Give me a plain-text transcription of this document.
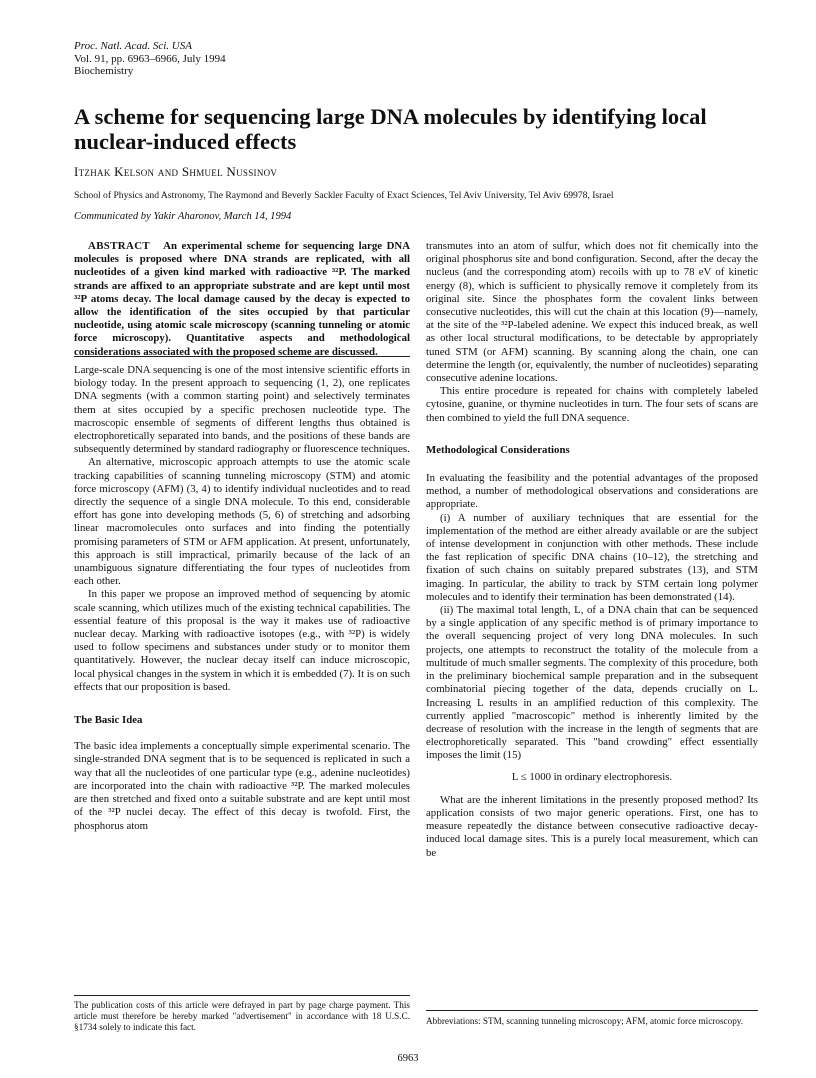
Proc. Natl. Acad. Sci. USA
Vol. 91, pp. 6963–6966, July 1994
Biochemistry
A scheme for sequencing large DNA molecules by identifying local nuclear-induced effects
Itzhak Kelson and Shmuel Nussinov
School of Physics and Astronomy, The Raymond and Beverly Sackler Faculty of Exact Sciences, Tel Aviv University, Tel Aviv 69978, Israel
Communicated by Yakir Aharonov, March 14, 1994

ABSTRACT An experimental scheme for sequencing large DNA molecules is proposed where DNA strands are replicated, with all nucleotides of a given kind marked with radioactive ³²P. The marked strands are affixed to an appropriate substrate and are kept until most ³²P atoms decay. The local damage caused by the decay is expected to allow the identification of the sites occupied by that particular nucleotide, using atomic scale microscopy (scanning tunneling or atomic force microscopy). Quantitative aspects and methodological considerations associated with the proposed scheme are discussed.

Large-scale DNA sequencing is one of the most intensive scientific efforts in biology today. In the present approach to sequencing (1, 2), one replicates DNA segments (with a common starting point) and selectively terminates them at sites occupied by a specific prechosen nucleotide type. The macroscopic ensemble of segments of different lengths thus obtained is electrophoretically separated into bands, and the positions of these bands are subsequently determined by standard radiography or fluorescence techniques.

An alternative, microscopic approach attempts to use the atomic scale tracking capabilities of scanning tunneling microscopy (STM) and atomic force microscopy (AFM) (3, 4) to identify individual nucleotides and to read directly the sequence of a single DNA molecule. To this end, considerable effort has gone into developing methods (5, 6) of stretching and adsorbing linear macromolecules onto surfaces and into finding the potentially promising parameters of STM or AFM application. At present, unfortunately, this approach is still impractical, primarily because of the lack of an unambiguous signature differentiating the four types of nucleotides from each other.

In this paper we propose an improved method of sequencing by atomic scale scanning, which utilizes much of the existing technical capabilities. The essential feature of this proposal is the way it makes use of radioactive nuclear decay. Marking with radioactive isotopes (e.g., with ³²P) is widely used to follow specimens and substances under study or to monitor them quantitatively. However, the nuclear decay itself can induce microscopic, local physical changes in the system in which it is embedded (7). It is on such effects that our proposition is based.

The Basic Idea

The basic idea implements a conceptually simple experimental scenario. The single-stranded DNA segment that is to be sequenced is replicated in such a way that all the nucleotides of one particular type (e.g., adenine nucleotides) are incorporated into the chain with radioactive ³²P. The marked molecules are then stretched and fixed onto a suitable substrate and are kept until most of the ³²P nuclei decay. The effect of this decay is twofold. First, the phosphorus atom

transmutes into an atom of sulfur, which does not fit chemically into the original phosphorus site and bond configuration. Second, after the decay the nucleus (and the corresponding atom) recoils with up to 78 eV of kinetic energy (8), which is sufficient to physically remove it completely from its original site. Since the phosphates form the covalent links between consecutive nucleotides, this will cut the chain at this location (9)—namely, at the site of the ³²P-labeled adenine. We expect this induced break, as well as other local structural modifications, to be detectable by appropriately tuned STM (or AFM) scanning. By scanning along the chain, one can determine the length (or, equivalently, the number of nucleotides) separating consecutive adenine locations.

This entire procedure is repeated for chains with completely labeled cytosine, guanine, or thymine nucleotides in turn. The four sets of scans are then combined to yield the full DNA sequence.

Methodological Considerations

In evaluating the feasibility and the potential advantages of the proposed method, a number of methodological observations and considerations are appropriate.

(i) A number of auxiliary techniques that are essential for the implementation of the method are either already available or are the subject of intense development in conjunction with other methods. These include the fast replication of specific DNA chains (10–12), the stretching and fixation of such chains on suitably prepared substrates (13), and STM imaging. In particular, the ability to track by STM certain long polymer molecules and to identify their termination has been demonstrated (14).

(ii) The maximal total length, L, of a DNA chain that can be sequenced by a single application of any specific method is of primary importance to the overall sequencing project of very long DNA molecules. In such projects, one attempts to reconstruct the totality of the molecule from a multitude of much smaller segments. The complexity of this procedure, both in the preliminary biochemical sample preparation and in the subsequent combinatorial piecing together of the data, depends crucially on L. Increasing L results in an amplified reduction of this complexity. The currently applied "macroscopic" method is inherently limited by the decrease of resolution with the increase in the length of segments that are electrophoretically separated. This "band crowding" effect essentially imposes the limit (15)

L ≤ 1000 in ordinary electrophoresis.

What are the inherent limitations in the presently proposed method? Its application consists of two major generic operations. First, one has to measure repeatedly the distance between consecutive radioactive decay-induced local damage sites. This is a purely local measurement, which can be

The publication costs of this article were defrayed in part by page charge payment. This article must therefore be hereby marked "advertisement" in accordance with 18 U.S.C. §1734 solely to indicate this fact.
Abbreviations: STM, scanning tunneling microscopy; AFM, atomic force microscopy.
6963
